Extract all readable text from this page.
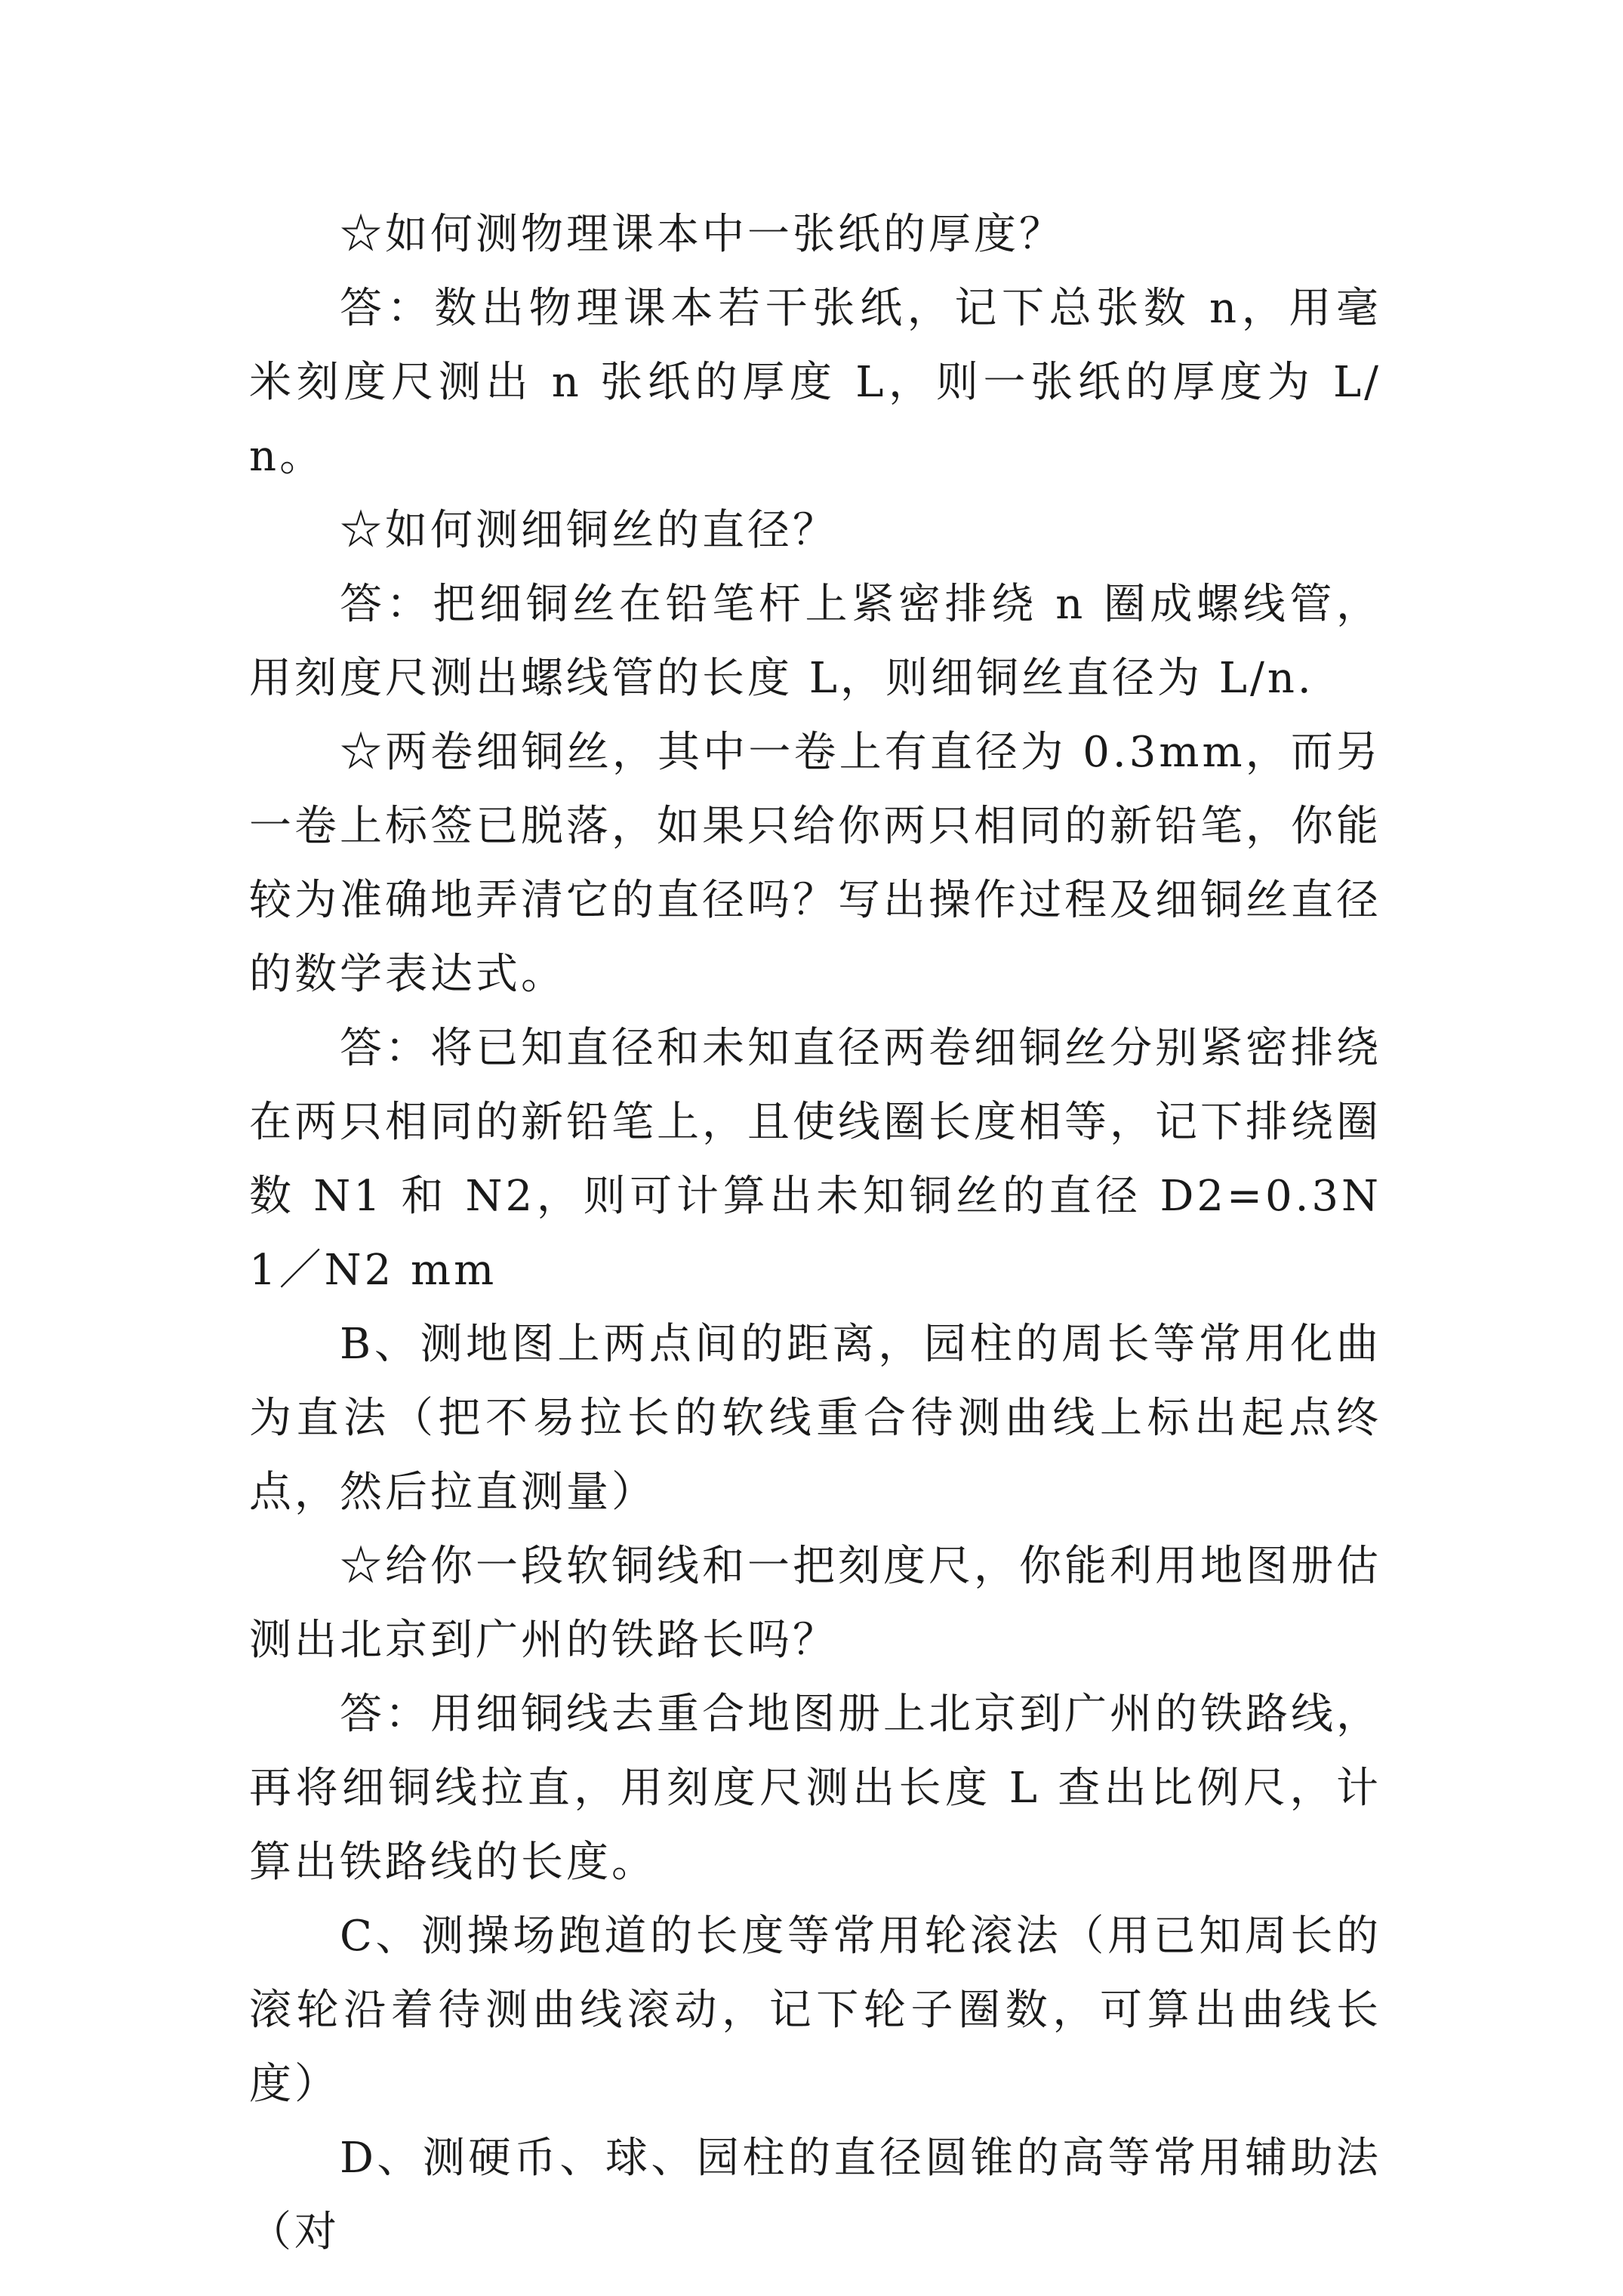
☆如何测物理课本中一张纸的厚度？

答：数出物理课本若干张纸，记下总张数 n，用毫米刻度尺测出 n 张纸的厚度 L，则一张纸的厚度为 L/n。

☆如何测细铜丝的直径？

答：把细铜丝在铅笔杆上紧密排绕 n 圈成螺线管，用刻度尺测出螺线管的长度 L，则细铜丝直径为 L/n.

☆两卷细铜丝，其中一卷上有直径为 0.3mm，而另一卷上标签已脱落，如果只给你两只相同的新铅笔，你能较为准确地弄清它的直径吗？写出操作过程及细铜丝直径的数学表达式。

答：将已知直径和未知直径两卷细铜丝分别紧密排绕在两只相同的新铅笔上，且使线圈长度相等，记下排绕圈数 N1 和 N2，则可计算出未知铜丝的直径 D2=0.3N1／N2 mm

B、测地图上两点间的距离，园柱的周长等常用化曲为直法（把不易拉长的软线重合待测曲线上标出起点终点，然后拉直测量）

☆给你一段软铜线和一把刻度尺，你能利用地图册估测出北京到广州的铁路长吗？

答：用细铜线去重合地图册上北京到广州的铁路线，再将细铜线拉直，用刻度尺测出长度 L 查出比例尺，计算出铁路线的长度。

C、测操场跑道的长度等常用轮滚法（用已知周长的滚轮沿着待测曲线滚动，记下轮子圈数，可算出曲线长度）

D、测硬币、球、园柱的直径圆锥的高等常用辅助法（对
